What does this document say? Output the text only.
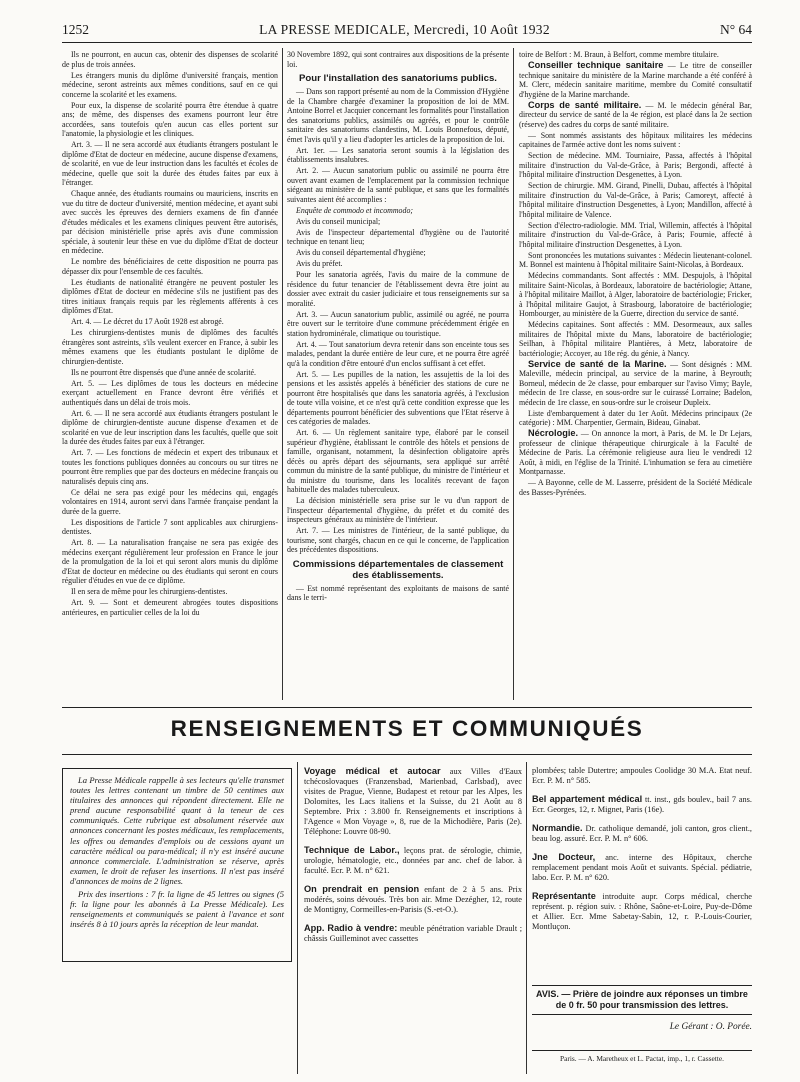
1252	LA PRESSE MEDICALE, Mercredi, 10 Août 1932	N° 64

Ils ne pourront, en aucun cas, obtenir des dispenses de scolarité de plus de trois années.

Les étrangers munis du diplôme d'université français, mention médecine, seront astreints aux mêmes conditions, sauf en ce qui concerne la scolarité et les examens.

Pour eux, la dispense de scolarité pourra être étendue à quatre ans; de même, des dispenses des examens pourront leur être accordées, sans toutefois qu'en aucun cas elles portent sur l'anatomie, la physiologie et les cliniques.

Art. 3. — Il ne sera accordé aux étudiants étrangers postulant le diplôme d'Etat de docteur en médecine, aucune dispense d'examens, de scolarité, en vue de leur instruction dans les facultés et écoles de médecine, quelle que soit la durée des études faites par eux à l'étranger.

Chaque année, des étudiants roumains ou mauriciens, inscrits en vue du titre de docteur d'université, mention médecine, et ayant subi avec succès les épreuves des derniers examens de fin d'année d'études médicales et les examens cliniques peuvent être autorisés, par décision ministérielle prise après avis d'une commission spéciale, à soutenir leur thèse en vue du diplôme d'Etat de docteur en médecine.

Le nombre des bénéficiaires de cette disposition ne pourra pas dépasser dix pour l'ensemble de ces facultés.

Les étudiants de nationalité étrangère ne peuvent postuler les diplômes d'Etat de docteur en médecine s'ils ne justifient pas des titres initiaux français requis par les règlements afférents à ces diplômes d'Etat.

Art. 4. — Le décret du 17 Août 1928 est abrogé.

Les chirurgiens-dentistes munis de diplômes des facultés étrangères sont astreints, s'ils veulent exercer en France, à subir les mêmes examens que les étudiants postulant le diplôme de chirurgien-dentiste.

Ils ne pourront être dispensés que d'une année de scolarité.

Art. 5. — Les diplômes de tous les docteurs en médecine exerçant actuellement en France devront être vérifiés et authentiqués dans un délai de trois mois.

Art. 6. — Il ne sera accordé aux étudiants étrangers postulant le diplôme de chirurgien-dentiste aucune dispense d'examen et de scolarité en vue de leur inscription dans les facultés, quelle que soit la durée des études faites par eux à l'étranger.

Art. 7. — Les fonctions de médecin et expert des tribunaux et toutes les fonctions publiques données au concours ou sur titres ne pourront être remplies que par des docteurs en médecine français ou naturalisés depuis cinq ans.

Ce délai ne sera pas exigé pour les médecins qui, engagés volontaires en 1914, auront servi dans l'armée française pendant la durée de la guerre.

Les dispositions de l'article 7 sont applicables aux chirurgiens-dentistes.

Art. 8. — La naturalisation française ne sera pas exigée des médecins exerçant régulièrement leur profession en France le jour de la promulgation de la loi et qui seront alors munis du diplôme d'Etat de docteur en médecine ou des étudiants qui seront en cours régulier d'études en vue de ce diplôme.

Il en sera de même pour les chirurgiens-dentistes.

Art. 9. — Sont et demeurent abrogées toutes dispositions antérieures, en particulier celles de la loi du

30 Novembre 1892, qui sont contraires aux dispositions de la présente loi.

Pour l'installation des sanatoriums publics.

— Dans son rapport présenté au nom de la Commission d'Hygiène de la Chambre chargée d'examiner la proposition de loi de MM. Antoine Borrel et Jacquier concernant les formalités pour l'installation des sanatoriums publics, assimilés ou agréés, et pour le contrôle sanitaire des sanatoriums clandestins, M. Louis Bonnefous, député, émet l'avis qu'il y a lieu d'adopter les articles de la proposition de loi.

Art. 1er. — Les sanatoria seront soumis à la législation des établissements insalubres.

Art. 2. — Aucun sanatorium public ou assimilé ne pourra être ouvert avant examen de l'emplacement par la commission technique siégeant au ministère de la santé publique, et sans que les formalités suivantes aient été accomplies :

Enquête de commodo et incommodo;

Avis du conseil municipal;

Avis de l'inspecteur départemental d'hygiène ou de l'autorité technique en tenant lieu;

Avis du conseil départemental d'hygiène;

Avis du préfet.

Pour les sanatoria agréés, l'avis du maire de la commune de résidence du futur tenancier de l'établissement devra être joint au dossier avec extrait du casier judiciaire et tous renseignements sur sa moralité.

Art. 3. — Aucun sanatorium public, assimilé ou agréé, ne pourra être ouvert sur le territoire d'une commune précédemment érigée en station hydrominérale, climatique ou touristique.

Art. 4. — Tout sanatorium devra retenir dans son enceinte tous ses malades, pendant la durée entière de leur cure, et ne pourra être agréé qu'à la condition d'être entouré d'un enclos suffisant à cet effet.

Art. 5. — Les pupilles de la nation, les assujettis de la loi des pensions et les assistés appelés à bénéficier des stations de cure ne pourront être hospitalisés que dans les sanatoria agréés, à l'exclusion de toute villa voisine, et ce n'est qu'à cette condition expresse que les départements pourront bénéficier des subventions que l'Etat réserve à ces catégories de malades.

Art. 6. — Un règlement sanitaire type, élaboré par le conseil supérieur d'hygiène, établissant le contrôle des hôtels et pensions de famille, organisant, notamment, la désinfection obligatoire après décès ou après départ des séjournants, sera appliqué sur arrêté commun du ministre de la santé publique, du ministre de l'intérieur et du ministre du tourisme, dans les localités recevant de façon habituelle des malades tuberculeux.

La décision ministérielle sera prise sur le vu d'un rapport de l'inspecteur départemental d'hygiène, du préfet et du comité des inspecteurs généraux au ministère de l'intérieur.

Art. 7. — Les ministres de l'intérieur, de la santé publique, du tourisme, sont chargés, chacun en ce qui le concerne, de l'application des précédentes dispositions.

Commissions départementales de classement des établissements.

— Est nommé représentant des exploitants de maisons de santé dans le terri-

toire de Belfort : M. Braun, à Belfort, comme membre titulaire.

Conseiller technique sanitaire — Le titre de conseiller technique sanitaire du ministère de la Marine marchande a été conféré à M. Clerc, médecin sanitaire maritime, membre du Comité consultatif d'hygiène de la Marine marchande.

Corps de santé militaire. — M. le médecin général Bar, directeur du service de santé de la 4e région, est placé dans la 2e section (réserve) des cadres du corps de santé militaire.

— Sont nommés assistants des hôpitaux militaires les médecins capitaines de l'armée active dont les noms suivent :

Section de médecine. MM. Tourniaire, Passa, affectés à l'hôpital militaire d'instruction du Val-de-Grâce, à Paris; Bergondi, affecté à l'hôpital militaire d'instruction Desgenettes, à Lyon.

Section de chirurgie. MM. Girand, Pinelli, Dubau, affectés à l'hôpital militaire d'instruction du Val-de-Grâce, à Paris; Camoreyt, affecté à l'hôpital militaire d'instruction Desgenettes, à Lyon; Mandillon, affecté à l'hôpital militaire de Valence.

Section d'électro-radiologie. MM. Trial, Willemin, affectés à l'hôpital militaire d'instruction du Val-de-Grâce, à Paris; Fournie, affecté à l'hôpital militaire d'instruction Desgenettes, à Lyon.

Sont prononcées les mutations suivantes : Médecin lieutenant-colonel. M. Bonnel est maintenu à l'hôpital militaire Saint-Nicolas, à Bordeaux.

Médecins commandants. Sont affectés : MM. Despujols, à l'hôpital militaire Saint-Nicolas, à Bordeaux, laboratoire de bactériologie; Attane, à l'hôpital militaire Maillot, à Alger, laboratoire de bactériologie; Fricker, à l'hôpital militaire Gaujot, à Strasbourg, laboratoire de bactériologie; Hombourger, au ministère de la Guerre, direction du service de santé.

Médecins capitaines. Sont affectés : MM. Desormeaux, aux salles militaires de l'hôpital mixte du Mans, laboratoire de bactériologie; Seilhan, à l'hôpital militaire Plantières, à Metz, laboratoire de bactériologie; Accoyer, au 18e rég. du génie, à Nancy.

Service de santé de la Marine. — Sont désignés : MM. Maleville, médecin principal, au service de la marine, à Beyrouth; Borneul, médecin de 2e classe, pour embarquer sur l'aviso Vimy; Bayle, médecin de 1re classe, en sous-ordre sur le cuirassé Lorraine; Badelon, médecin de 1re classe, en sous-ordre sur le croiseur Dupleix.

Liste d'embarquement à dater du 1er Août. Médecins principaux (2e catégorie) : MM. Charpentier, Germain, Bideau, Ginabat.

Nécrologie. — On annonce la mort, à Paris, de M. le Dr Lejars, professeur de clinique thérapeutique chirurgicale à la Faculté de Médecine de Paris. La cérémonie religieuse aura lieu le vendredi 12 Août, à midi, en l'église de la Trinité. L'inhumation se fera au cimetière Montparnasse.

— A Bayonne, celle de M. Lasserre, président de la Société Médicale des Basses-Pyrénées.

RENSEIGNEMENTS ET COMMUNIQUÉS

La Presse Médicale rappelle à ses lecteurs qu'elle transmet toutes les lettres contenant un timbre de 50 centimes aux titulaires des annonces qui répondent directement. Elle ne prend aucune responsabilité quant à la teneur de ces communiqués. Cette rubrique est absolument réservée aux annonces concernant les postes médicaux, les remplacements, les offres ou demandes d'emplois ou de cessions ayant un caractère médical ou para-médical; il n'y est inséré aucune annonce commerciale. L'administration se réserve, après examen, le droit de refuser les insertions. Il n'est pas inséré d'annonces de moins de 2 lignes.

Prix des insertions : 7 fr. la ligne de 45 lettres ou signes (5 fr. la ligne pour les abonnés à La Presse Médicale). Les renseignements et communiqués se paient à l'avance et sont insérés 8 à 10 jours après la réception de leur mandat.

Voyage médical et autocar aux Villes d'Eaux tchécoslovaques (Franzensbad, Marienbad, Carlsbad), avec visites de Prague, Vienne, Budapest et retour par les Alpes, les Dolomites, les Lacs italiens et la Suisse, du 21 Août au 8 Septembre. Prix : 3.800 fr. Renseignements et inscriptions à l'Agence « Mon Voyage », 8, rue de la Michodière, Paris (2e). Téléphone: Louvre 08-90.

Technique de Labor., leçons prat. de sérologie, chimie, urologie, hématologie, etc., données par anc. chef de labor. à faculté. Ecr. P. M. n° 621.

On prendrait en pension enfant de 2 à 5 ans. Prix modérés, soins dévoués. Très bon air. Mme Dezégher, 12, route de Montigny, Cormeilles-en-Parisis (S.-et-O.).

App. Radio à vendre: meuble pénétration variable Drault ; châssis Guilleminot avec cassettes

plombées; table Dutertre; ampoules Coolidge 30 M.A. Etat neuf. Ecr. P. M. n° 585.

Bel appartement médical tt. inst., gds boulev., bail 7 ans. Ecr. Georges, 12, r. Mignet, Paris (16e).

Normandie. Dr. catholique demandé, joli canton, gros client., beau log. assuré. Ecr. P. M. n° 606.

Jne Docteur, anc. interne des Hôpitaux, cherche remplacement pendant mois Août et suivants. Spécial. pédiatrie, labo. Ecr. P. M. n° 620.

Représentante introduite aupr. Corps médical, cherche représent. p. région suiv. : Rhône, Saône-et-Loire, Puy-de-Dôme et Allier. Ecr. Mme Sabetay-Sabin, 12, r. P.-Louis-Courier, Montluçon.

AVIS. — Prière de joindre aux réponses un timbre de 0 fr. 50 pour transmission des lettres.
Le Gérant : O. Porée.
Paris. — A. Maretheux et L. Pactat, imp., 1, r. Cassette.
